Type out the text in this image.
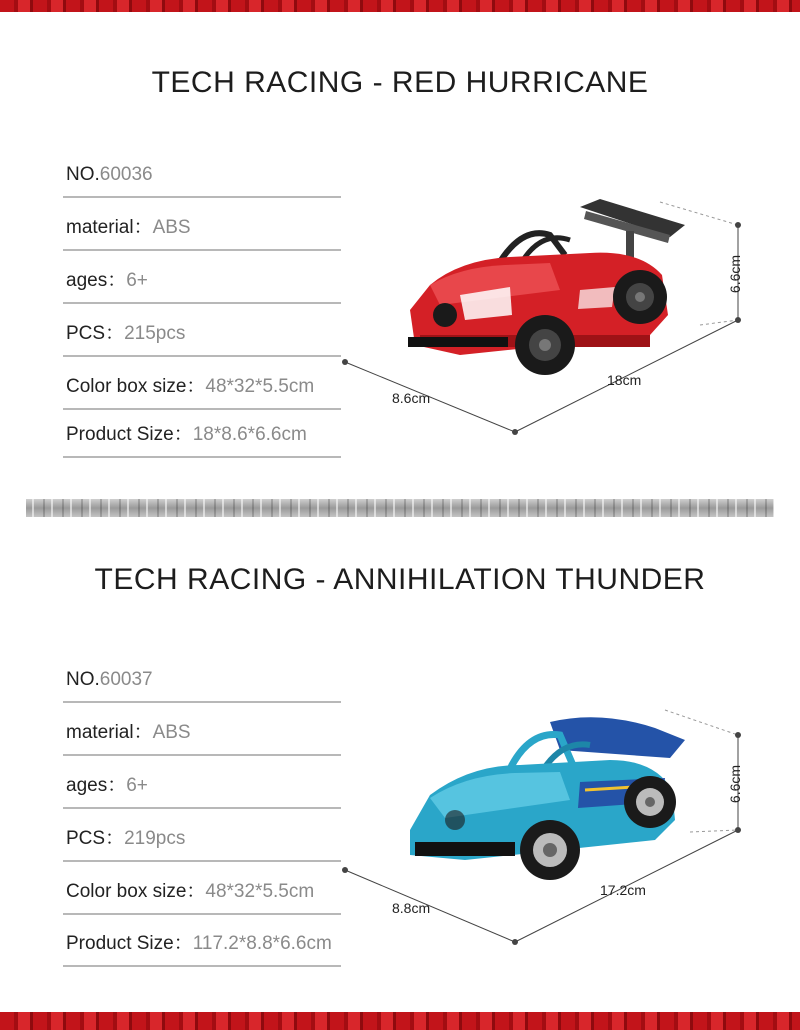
TECH RACING - RED HURRICANE
NO.60036
material：ABS
ages：6+
PCS：215pcs
Color box size：48*32*5.5cm
Product Size：18*8.6*6.6cm
8.6cm
18cm
6.6cm
TECH RACING - ANNIHILATION THUNDER
NO.60037
material：ABS
ages：6+
PCS：219pcs
Color box size：48*32*5.5cm
Product Size：117.2*8.8*6.6cm
8.8cm
17.2cm
6.6cm
